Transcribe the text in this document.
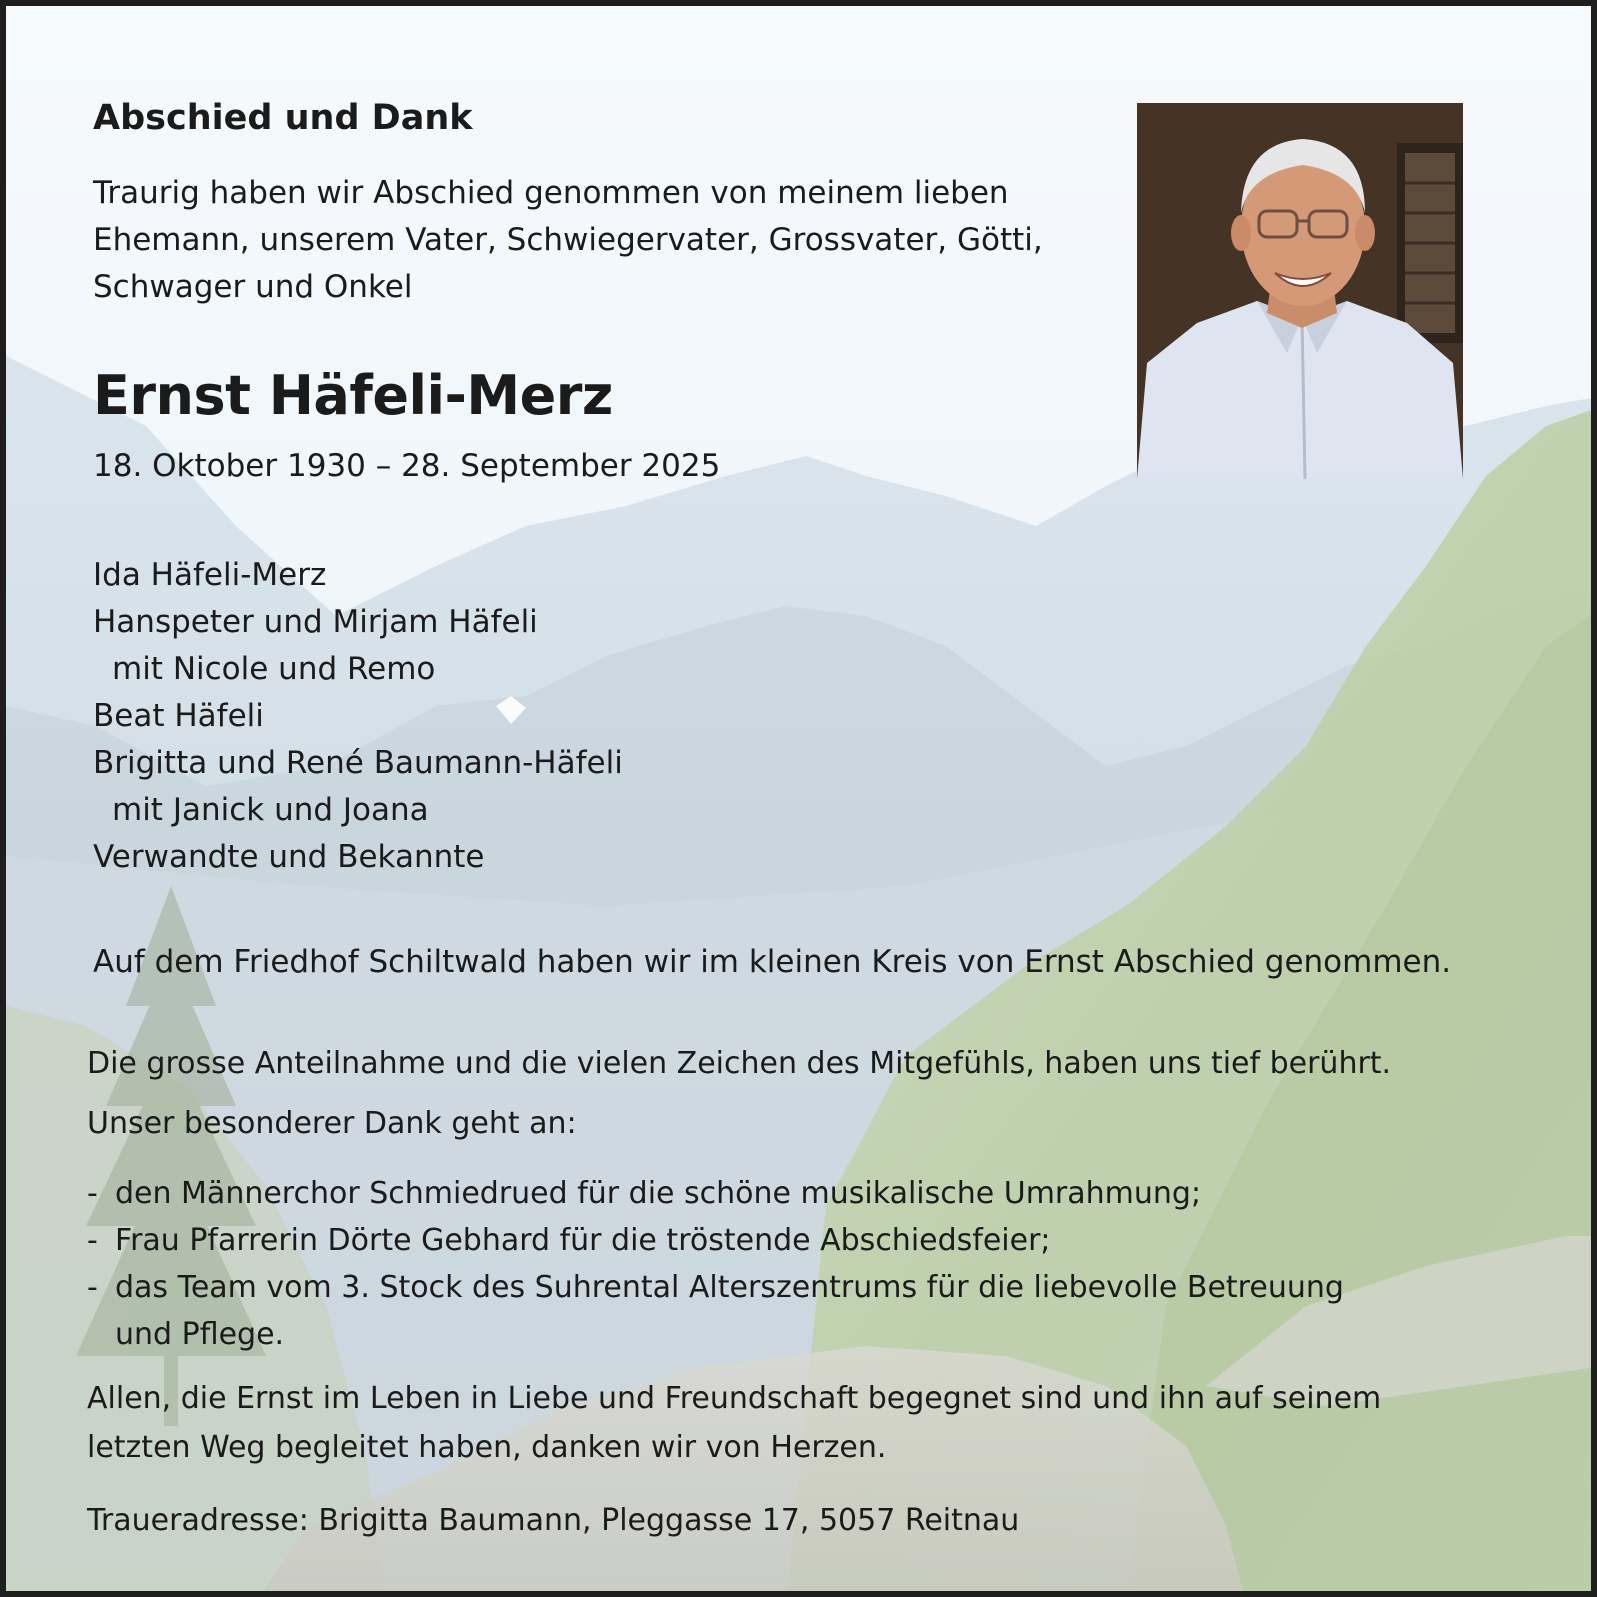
Abschied und Dank
Traurig haben wir Abschied genommen von meinem lieben
Ehemann, unserem Vater, Schwiegervater, Grossvater, Götti,
Schwager und Onkel
Ernst Häfeli-Merz
18. Oktober 1930 – 28. September 2025
Ida Häfeli-Merz
Hanspeter und Mirjam Häfeli
mit Nicole und Remo
Beat Häfeli
Brigitta und René Baumann-Häfeli
mit Janick und Joana
Verwandte und Bekannte
Auf dem Friedhof Schiltwald haben wir im kleinen Kreis von Ernst Abschied genommen.
Die grosse Anteilnahme und die vielen Zeichen des Mitgefühls, haben uns tief berührt.
Unser besonderer Dank geht an:
- den Männerchor Schmiedrued für die schöne musikalische Umrahmung;
- Frau Pfarrerin Dörte Gebhard für die tröstende Abschiedsfeier;
- das Team vom 3. Stock des Suhrental Alterszentrums für die liebevolle Betreuung
und Pflege.
Allen, die Ernst im Leben in Liebe und Freundschaft begegnet sind und ihn auf seinem
letzten Weg begleitet haben, danken wir von Herzen.
Traueradresse: Brigitta Baumann, Pleggasse 17, 5057 Reitnau
